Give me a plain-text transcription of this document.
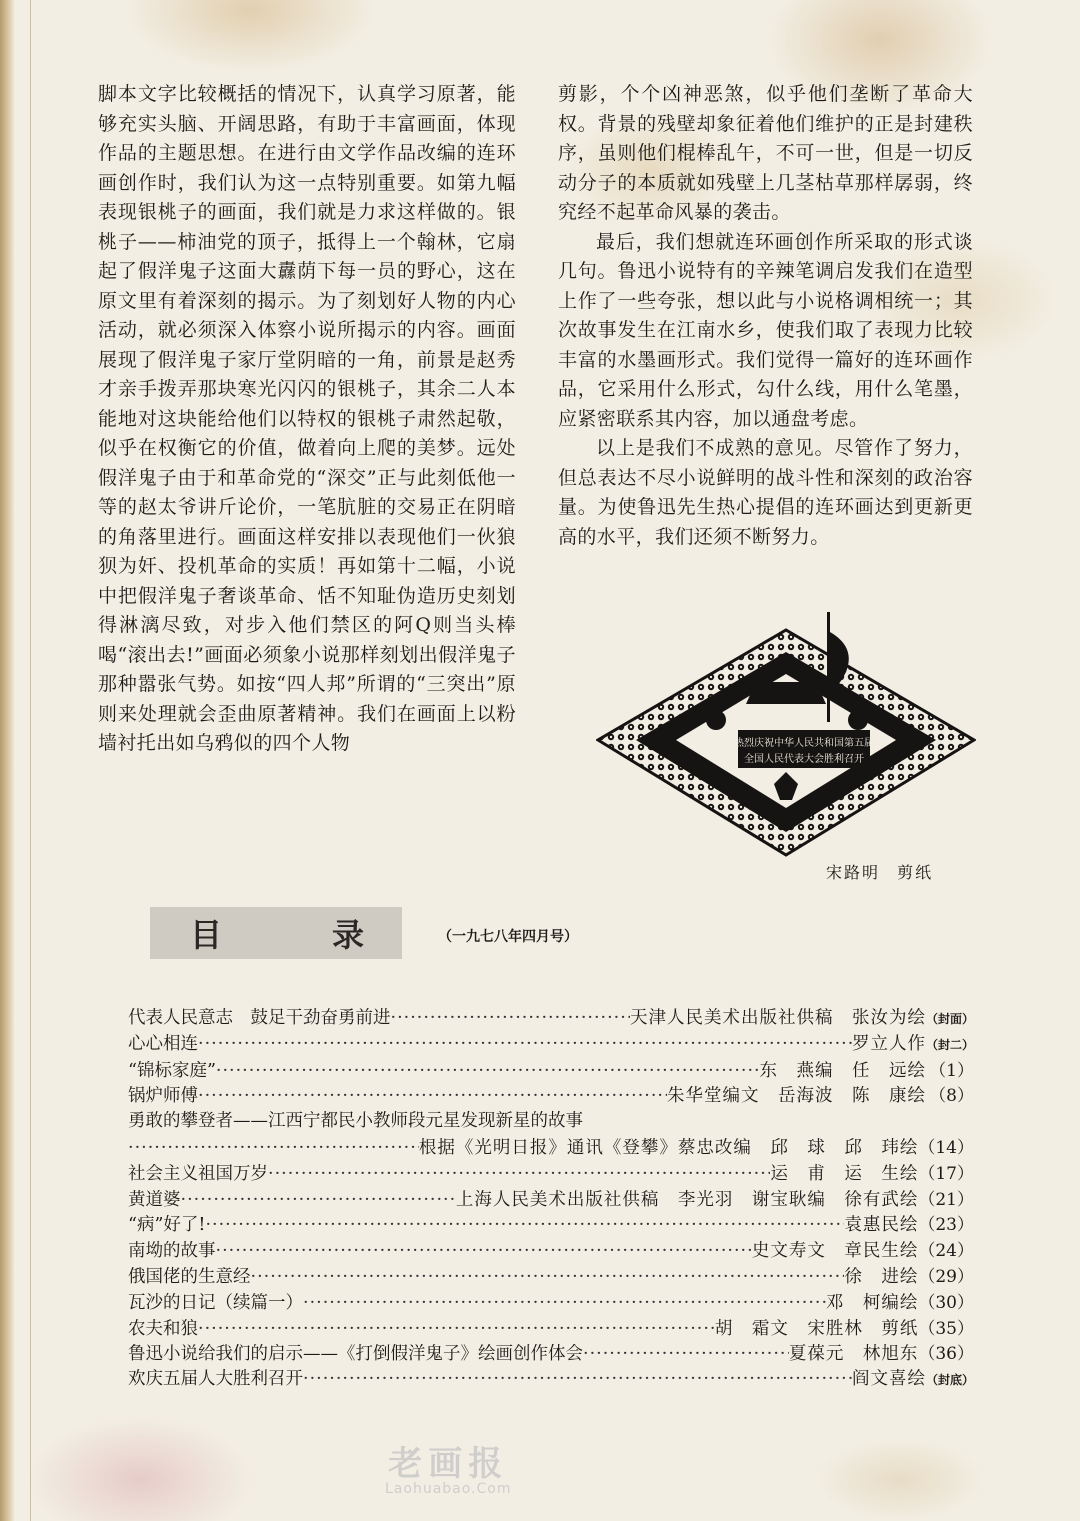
脚本文字比较概括的情况下，认真学习原著，能够充实头脑、开阔思路，有助于丰富画面，体现作品的主题思想。在进行由文学作品改编的连环画创作时，我们认为这一点特别重要。如第九幅表现银桃子的画面，我们就是力求这样做的。银桃子——柿油党的顶子，抵得上一个翰林，它扇起了假洋鬼子这面大纛荫下每一员的野心，这在原文里有着深刻的揭示。为了刻划好人物的内心活动，就必须深入体察小说所揭示的内容。画面展现了假洋鬼子家厅堂阴暗的一角，前景是赵秀才亲手拨弄那块寒光闪闪的银桃子，其余二人本能地对这块能给他们以特权的银桃子肃然起敬，似乎在权衡它的价值，做着向上爬的美梦。远处假洋鬼子由于和革命党的“深交”正与此刻低他一等的赵太爷讲斤论价，一笔肮脏的交易正在阴暗的角落里进行。画面这样安排以表现他们一伙狼狈为奸、投机革命的实质！再如第十二幅，小说中把假洋鬼子奢谈革命、恬不知耻伪造历史刻划得淋漓尽致，对步入他们禁区的阿Q则当头棒喝“滚出去!”画面必须象小说那样刻划出假洋鬼子那种嚣张气势。如按“四人邦”所谓的“三突出”原则来处理就会歪曲原著精神。我们在画面上以粉墙衬托出如乌鸦似的四个人物

剪影，个个凶神恶煞，似乎他们垄断了革命大权。背景的残壁却象征着他们维护的正是封建秩序，虽则他们棍棒乱午，不可一世，但是一切反动分子的本质就如残壁上几茎枯草那样孱弱，终究经不起革命风暴的袭击。

最后，我们想就连环画创作所采取的形式谈几句。鲁迅小说特有的辛辣笔调启发我们在造型上作了一些夸张，想以此与小说格调相统一；其次故事发生在江南水乡，使我们取了表现力比较丰富的水墨画形式。我们觉得一篇好的连环画作品，它采用什么形式，勾什么线，用什么笔墨，应紧密联系其内容，加以通盘考虑。

以上是我们不成熟的意见。尽管作了努力，但总表达不尽小说鲜明的战斗性和深刻的政治容量。为使鲁迅先生热心提倡的连环画达到更新更高的水平，我们还须不断努力。

热烈庆祝中华人民共和国第五届
全国人民代表大会胜利召开
宋路明 剪纸
目	录	（一九七八年四月号）
代表人民意志　鼓足干劲奋勇前进 ·····	天津人民美术出版社供稿　张汝为绘 （封面）
心心相连 ·····	罗立人作 （封二）
“锦标家庭” ·····	东　燕编　任　远绘 （1）
锅炉师傅 ·····	朱华堂编文　岳海波　陈　康绘 （8）
勇敢的攀登者——江西宁都民小教师段元星发现新星的故事
·····
根据《光明日报》通讯《登攀》蔡忠改编　邱　球　邱　玮绘 （14）
社会主义祖国万岁 ·····	运　甫　运　生绘 （17）
黄道婆 ·····	上海人民美术出版社供稿　李光羽　谢宝耿编　徐有武绘 （21）
“病”好了! ·····	袁惠民绘 （23）
南坳的故事 ·····	史文寿文　章民生绘 （24）
俄国佬的生意经 ·····	徐　进绘 （29）
瓦沙的日记（续篇一） ·····	邓　柯编绘 （30）
农夫和狼 ·····	胡　霜文　宋胜林　剪纸 （35）
鲁迅小说给我们的启示——《打倒假洋鬼子》绘画创作体会 ·····	夏葆元　林旭东 （36）
欢庆五届人大胜利召开 ·····	阎文喜绘 （封底）
老画报
Laohuabao.Com
